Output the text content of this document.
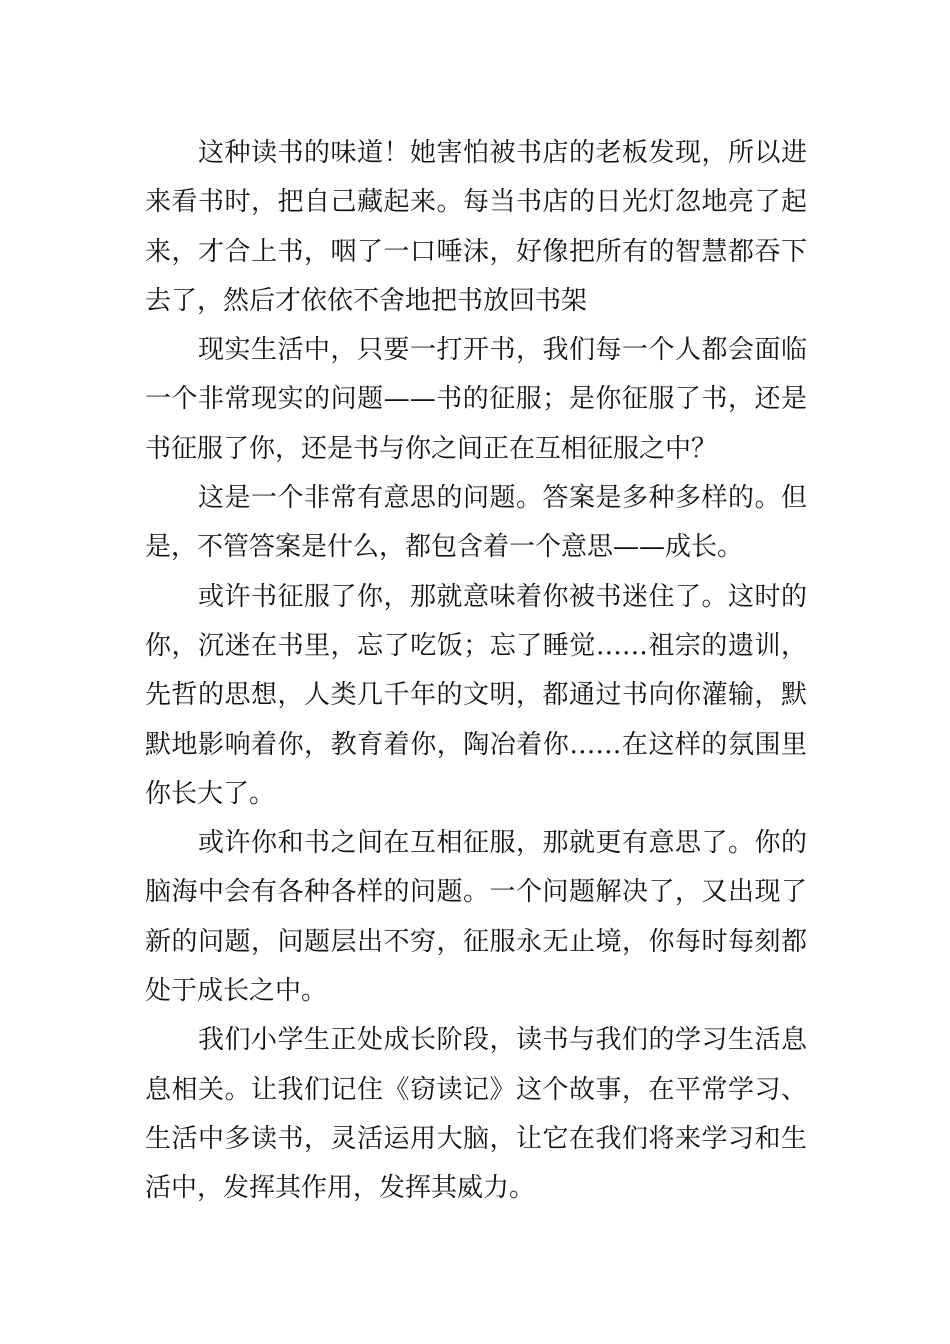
这种读书的味道！她害怕被书店的老板发现，所以进来看书时，把自己藏起来。每当书店的日光灯忽地亮了起来，才合上书，咽了一口唾沫，好像把所有的智慧都吞下去了，然后才依依不舍地把书放回书架

现实生活中，只要一打开书，我们每一个人都会面临一个非常现实的问题——书的征服；是你征服了书，还是书征服了你，还是书与你之间正在互相征服之中？

这是一个非常有意思的问题。答案是多种多样的。但是，不管答案是什么，都包含着一个意思——成长。

或许书征服了你，那就意味着你被书迷住了。这时的你，沉迷在书里，忘了吃饭；忘了睡觉……祖宗的遗训，先哲的思想，人类几千年的文明，都通过书向你灌输，默默地影响着你，教育着你，陶冶着你……在这样的氛围里你长大了。

或许你和书之间在互相征服，那就更有意思了。你的脑海中会有各种各样的问题。一个问题解决了，又出现了新的问题，问题层出不穷，征服永无止境，你每时每刻都处于成长之中。

我们小学生正处成长阶段，读书与我们的学习生活息息相关。让我们记住《窃读记》这个故事，在平常学习、生活中多读书，灵活运用大脑，让它在我们将来学习和生活中，发挥其作用，发挥其威力。
